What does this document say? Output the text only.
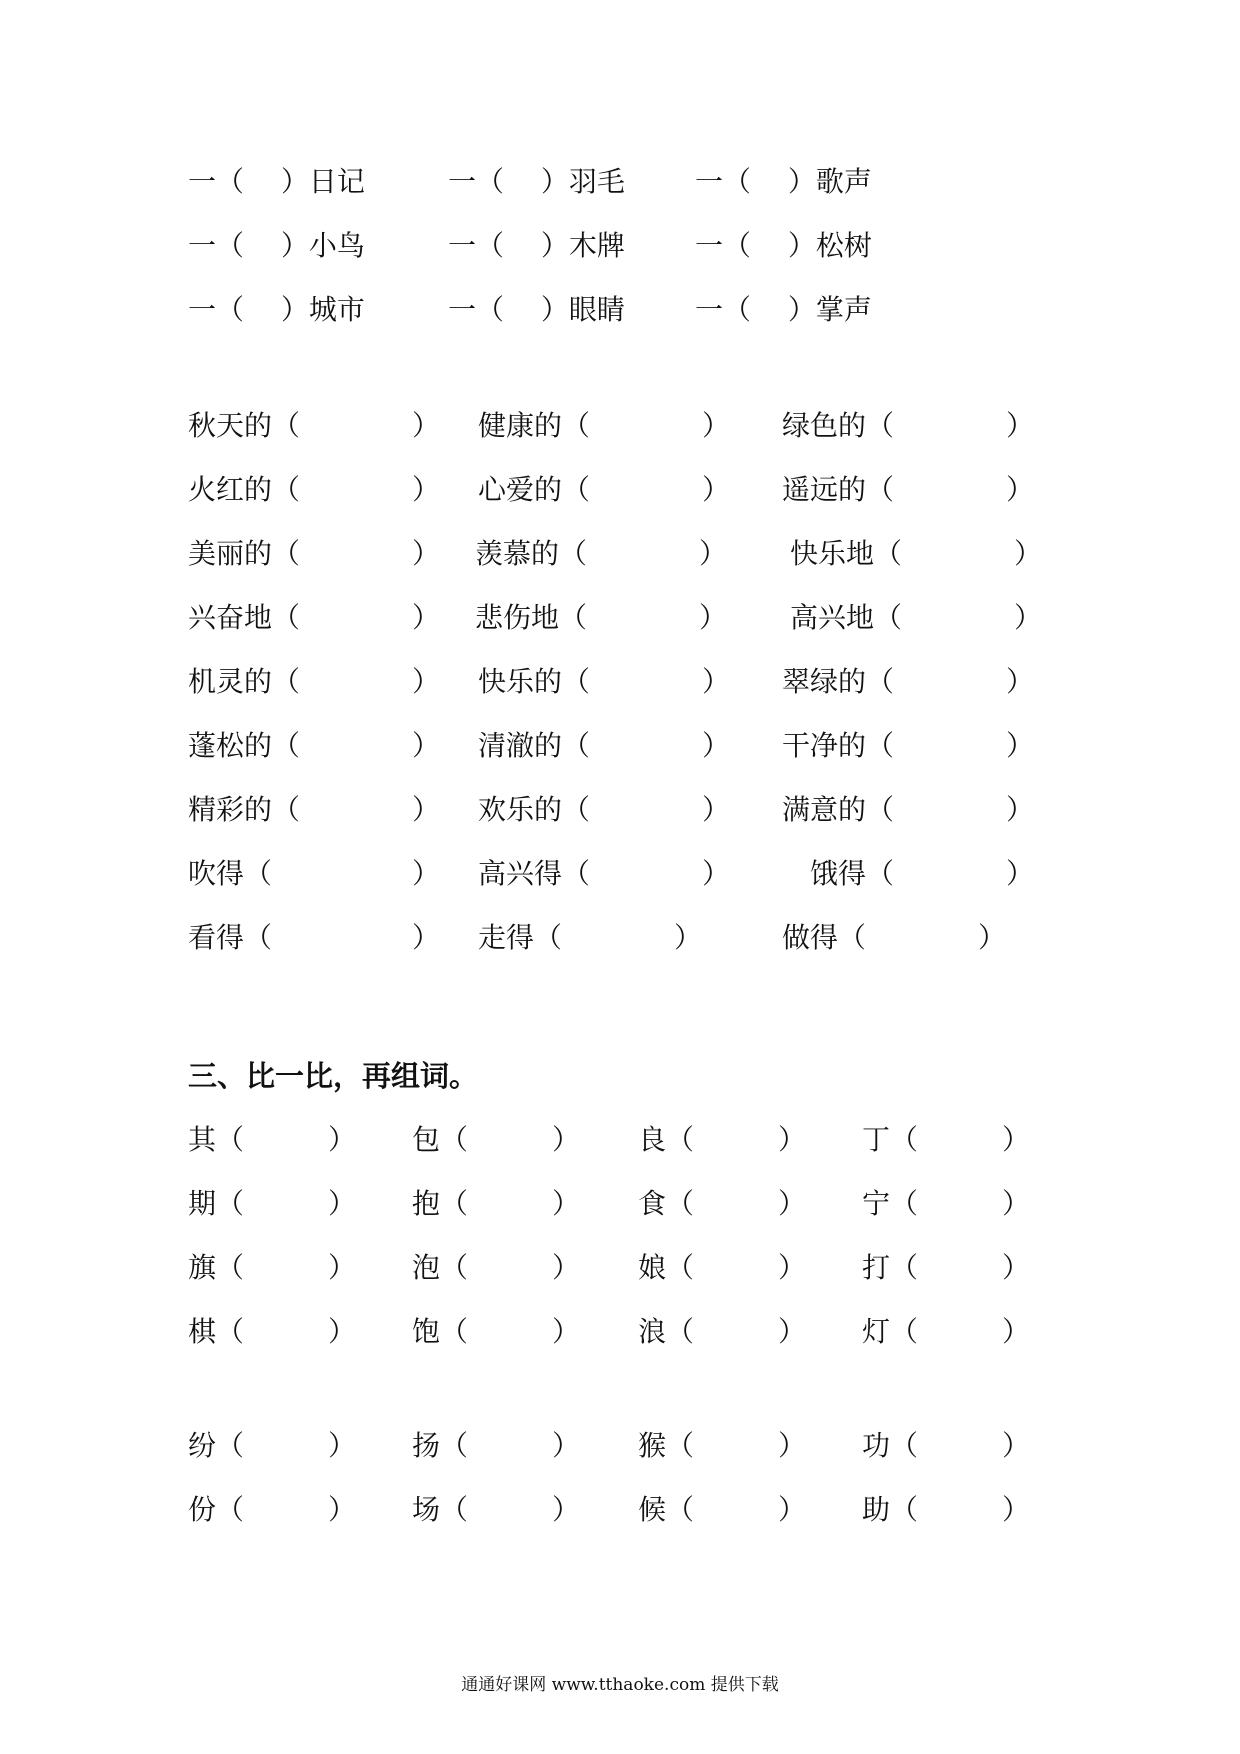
一（　 ）日记	一（　 ）羽毛	一（　 ）歌声
一（　 ）小鸟	一（　 ）木牌	一（　 ）松树
一（　 ）城市	一（　 ）眼睛	一（　 ）掌声
秋天的（　　　　） 健康的（　　　　） 绿色的（　　　　）
火红的（　　　　） 心爱的（　　　　） 遥远的（　　　　）
美丽的（　　　　） 羡慕的（　　　　） 快乐地（　　　　）
兴奋地（　　　　） 悲伤地（　　　　） 高兴地（　　　　）
机灵的（　　　　） 快乐的（　　　　） 翠绿的（　　　　）
蓬松的（　　　　） 清澈的（　　　　） 干净的（　　　　）
精彩的（　　　　） 欢乐的（　　　　） 满意的（　　　　）
吹得（　　　　　） 高兴得（　　　　）	饿得（　　　　）
看得（　　　　　） 走得（　　　　）	做得（　　　　）
三、比一比，再组词。
其（　　　） 包（　　　） 良（　　　） 丁（　　　）
期（　　　） 抱（　　　） 食（　　　） 宁（　　　）
旗（　　　） 泡（　　　） 娘（　　　） 打（　　　）
棋（　　　） 饱（　　　） 浪（　　　） 灯（　　　）
纷（　　　） 扬（　　　） 猴（　　　） 功（　　　）
份（　　　） 场（　　　） 候（　　　） 助（　　　）
通通好课网 www.tthaoke.com 提供下载
